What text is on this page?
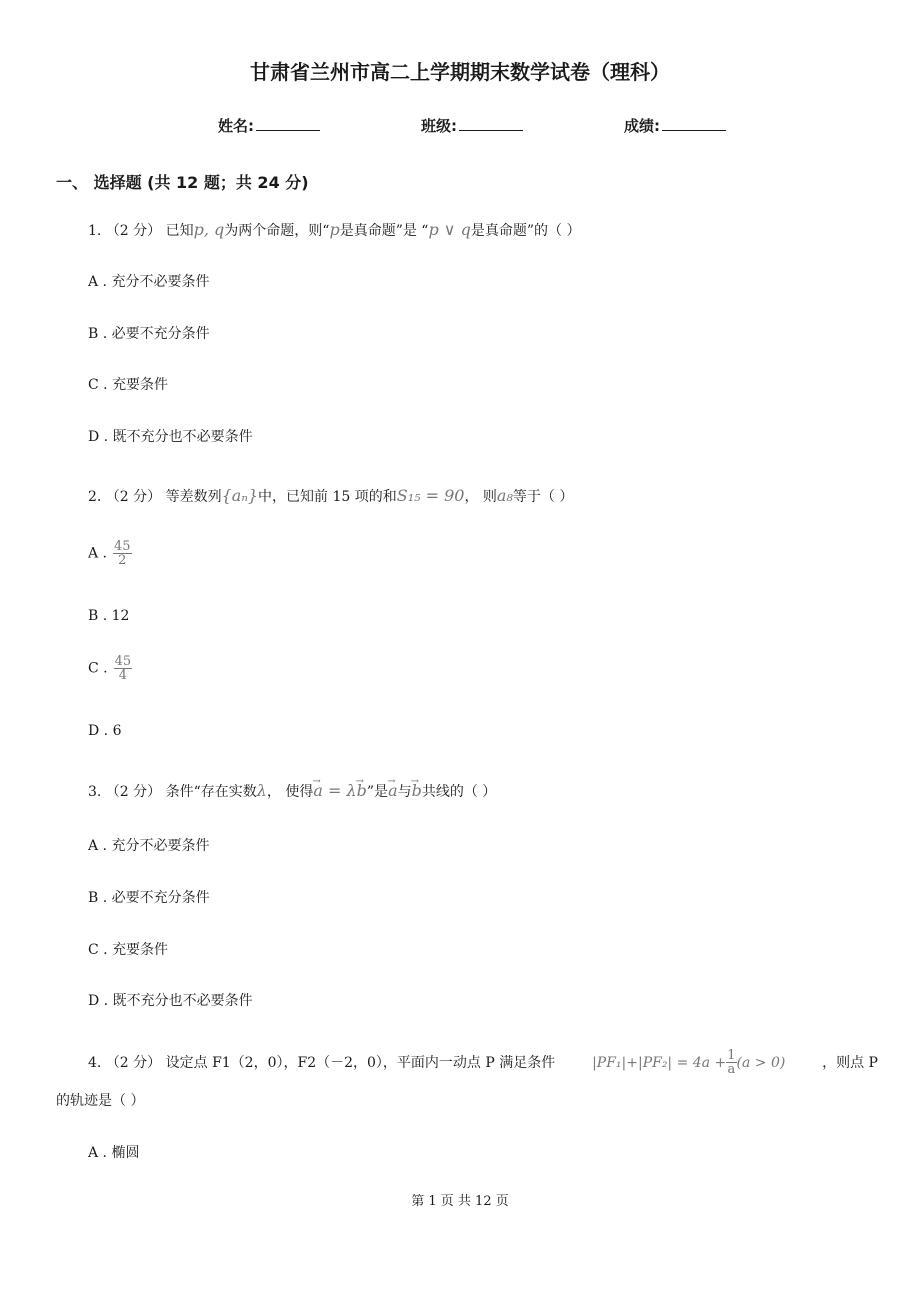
甘肃省兰州市高二上学期期末数学试卷（理科）
姓名:	班级:	成绩:
一、 选择题 (共 12 题；共 24 分)
1. （2 分） 已知p, q为两个命题，则“p是真命题”是 “p ∨ q是真命题”的（ ）
A . 充分不必要条件
B . 必要不充分条件
C . 充要条件
D . 既不充分也不必要条件
2. （2 分） 等差数列{aₙ}中，已知前 15 项的和S₁₅ = 90， 则a₈等于（ ）
A . $\frac{45}{2}$
B . 12
C . $\frac{45}{4}$
D . 6
3. （2 分） 条件“存在实数λ， 使得→ a = λ→ b”是→ a与→ b共线的（ ）
A . 充分不必要条件
B . 必要不充分条件
C . 充要条件
D . 既不充分也不必要条件
4. （2 分） 设定点 F1（2，0），F2（－2，0），平面内一动点 P 满足条件	$|PF_1|+|PF_2| = 4a + \frac{1}{a} (a > 0)$	，则点 P
的轨迹是（ ）
A . 椭圆
第 1 页 共 12 页
